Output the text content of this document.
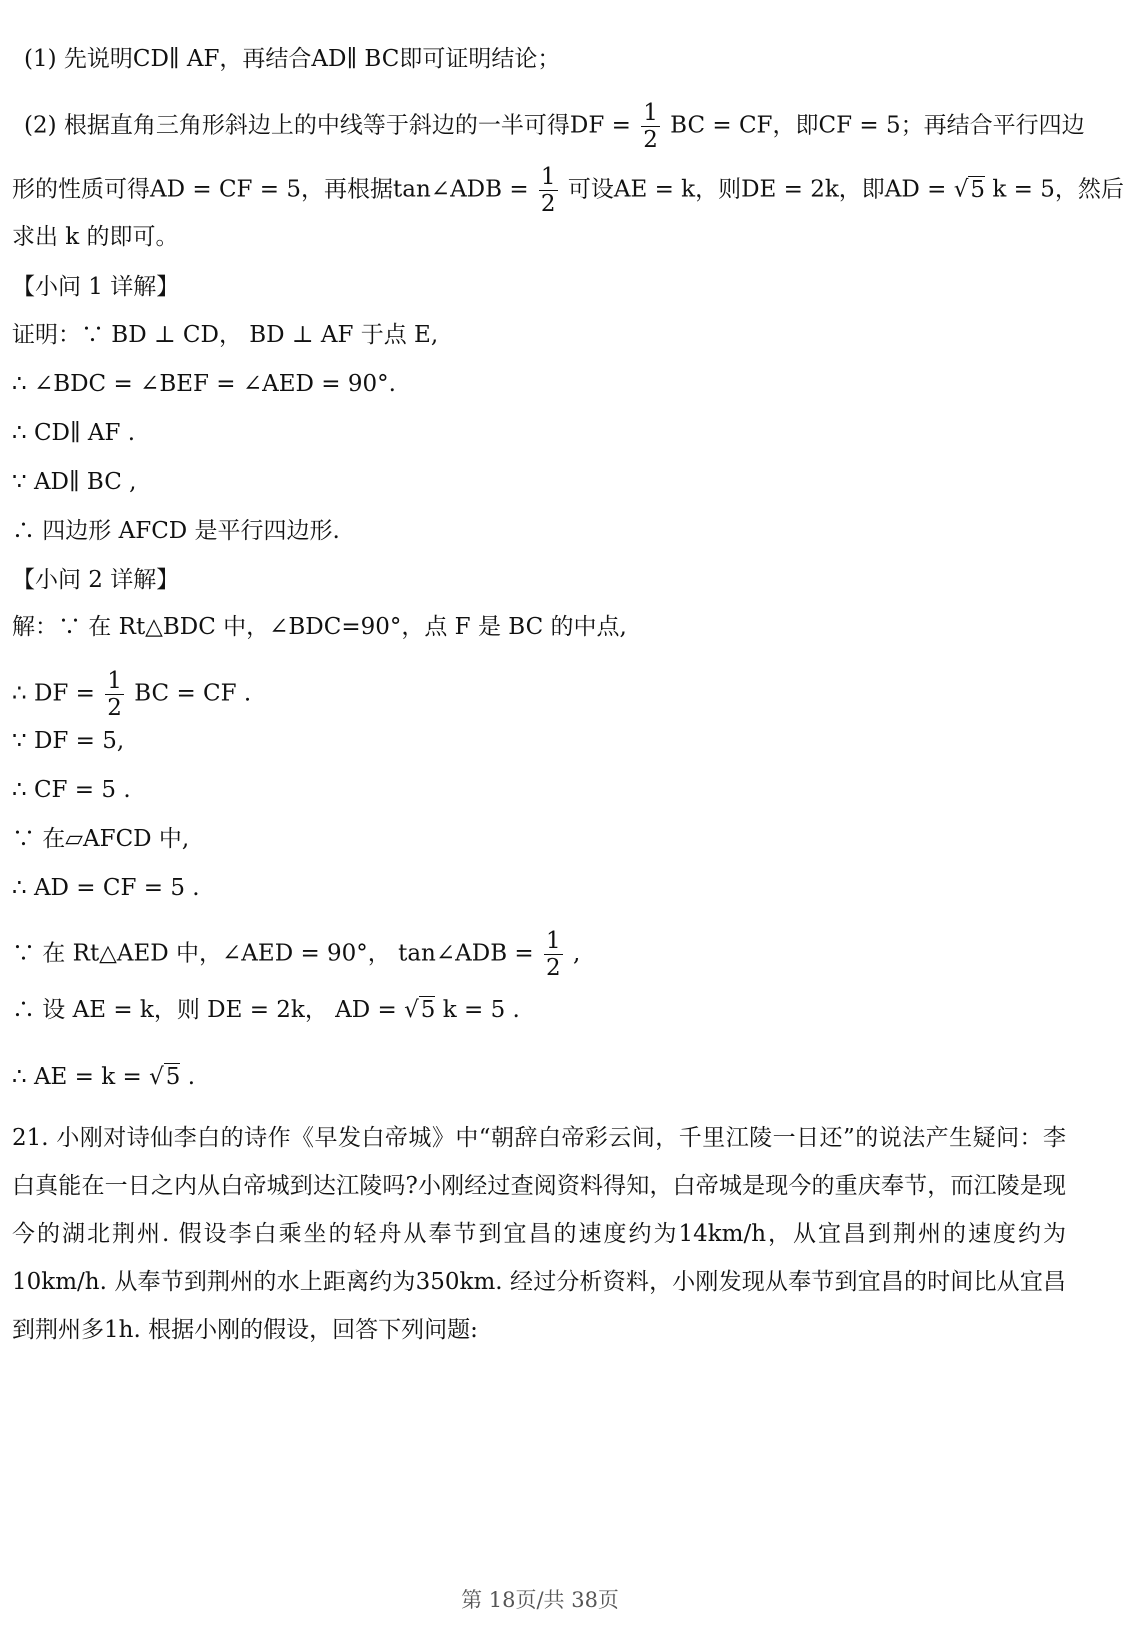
(1) 先说明CD∥ AF，再结合AD∥ BC即可证明结论；
(2) 根据直角三角形斜边上的中线等于斜边的一半可得DF = $\frac{1}{2}$ BC = CF，即CF = 5；再结合平行四边
形的性质可得AD = CF = 5，再根据tan∠ADB = $\frac{1}{2}$ 可设AE = k，则DE = 2k，即AD = √5 k = 5，然后
求出 k 的即可。
【小问 1 详解】
证明：∵ BD ⊥ CD， BD ⊥ AF 于点 E,
∴ ∠BDC = ∠BEF = ∠AED = 90°.
∴ CD∥ AF .
∵ AD∥ BC ,
∴ 四边形 AFCD 是平行四边形.
【小问 2 详解】
解：∵ 在 Rt△BDC 中，∠BDC=90°，点 F 是 BC 的中点,
∴ DF = $\frac{1}{2}$ BC = CF .
∵ DF = 5,
∴ CF = 5 .
∵ 在▱AFCD 中,
∴ AD = CF = 5 .
∵ 在 Rt△AED 中，∠AED = 90°， tan∠ADB = $\frac{1}{2}$ ,
∴ 设 AE = k，则 DE = 2k， AD = √5 k = 5 .
∴ AE = k = √5 .
21. 小刚对诗仙李白的诗作《早发白帝城》中“朝辞白帝彩云间，千里江陵一日还”的说法产生疑问：李白真能在一日之内从白帝城到达江陵吗?小刚经过查阅资料得知，白帝城是现今的重庆奉节，而江陵是现今的湖北荆州. 假设李白乘坐的轻舟从奉节到宜昌的速度约为14km/h，从宜昌到荆州的速度约为10km/h. 从奉节到荆州的水上距离约为350km. 经过分析资料，小刚发现从奉节到宜昌的时间比从宜昌到荆州多1h. 根据小刚的假设，回答下列问题:
第 18页/共 38页
